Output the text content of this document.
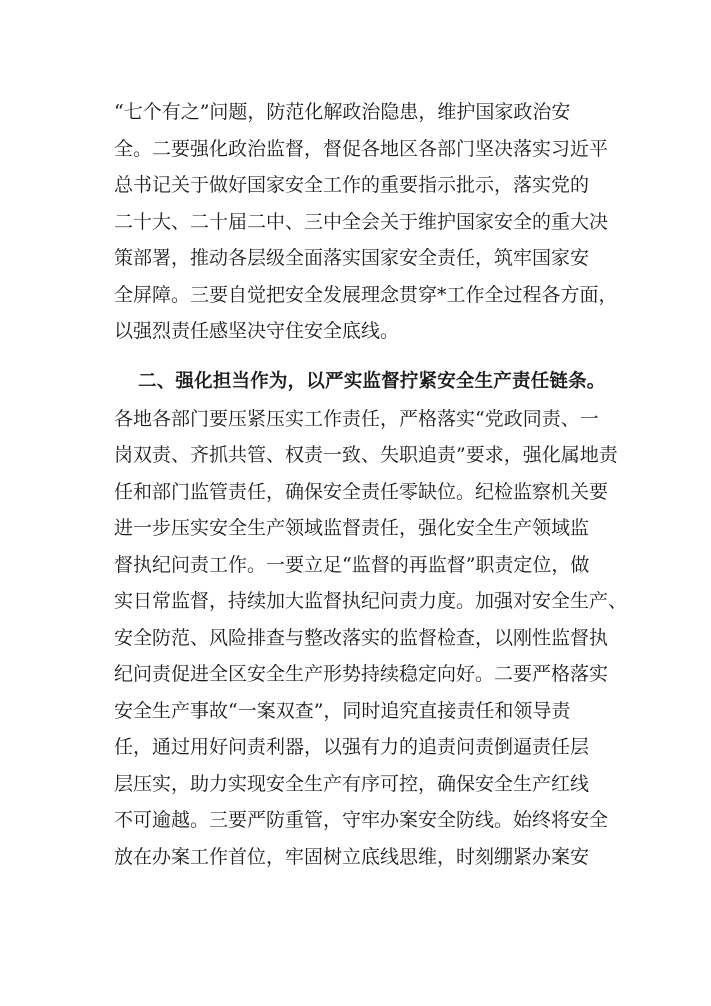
“七个有之”问题，防范化解政治隐患，维护国家政治安
全。二要强化政治监督，督促各地区各部门坚决落实习近平
总书记关于做好国家安全工作的重要指示批示，落实党的
二十大、二十届二中、三中全会关于维护国家安全的重大决
策部署，推动各层级全面落实国家安全责任，筑牢国家安
全屏障。三要自觉把安全发展理念贯穿*工作全过程各方面，
以强烈责任感坚决守住安全底线。
二、强化担当作为，以严实监督拧紧安全生产责任链条。
各地各部门要压紧压实工作责任，严格落实“党政同责、一
岗双责、齐抓共管、权责一致、失职追责”要求，强化属地责
任和部门监管责任，确保安全责任零缺位。纪检监察机关要
进一步压实安全生产领域监督责任，强化安全生产领域监
督执纪问责工作。一要立足“监督的再监督”职责定位，做
实日常监督，持续加大监督执纪问责力度。加强对安全生产、
安全防范、风险排查与整改落实的监督检查，以刚性监督执
纪问责促进全区安全生产形势持续稳定向好。二要严格落实
安全生产事故“一案双查”，同时追究直接责任和领导责
任，通过用好问责利器，以强有力的追责问责倒逼责任层
层压实，助力实现安全生产有序可控，确保安全生产红线
不可逾越。三要严防重管，守牢办案安全防线。始终将安全
放在办案工作首位，牢固树立底线思维，时刻绷紧办案安
